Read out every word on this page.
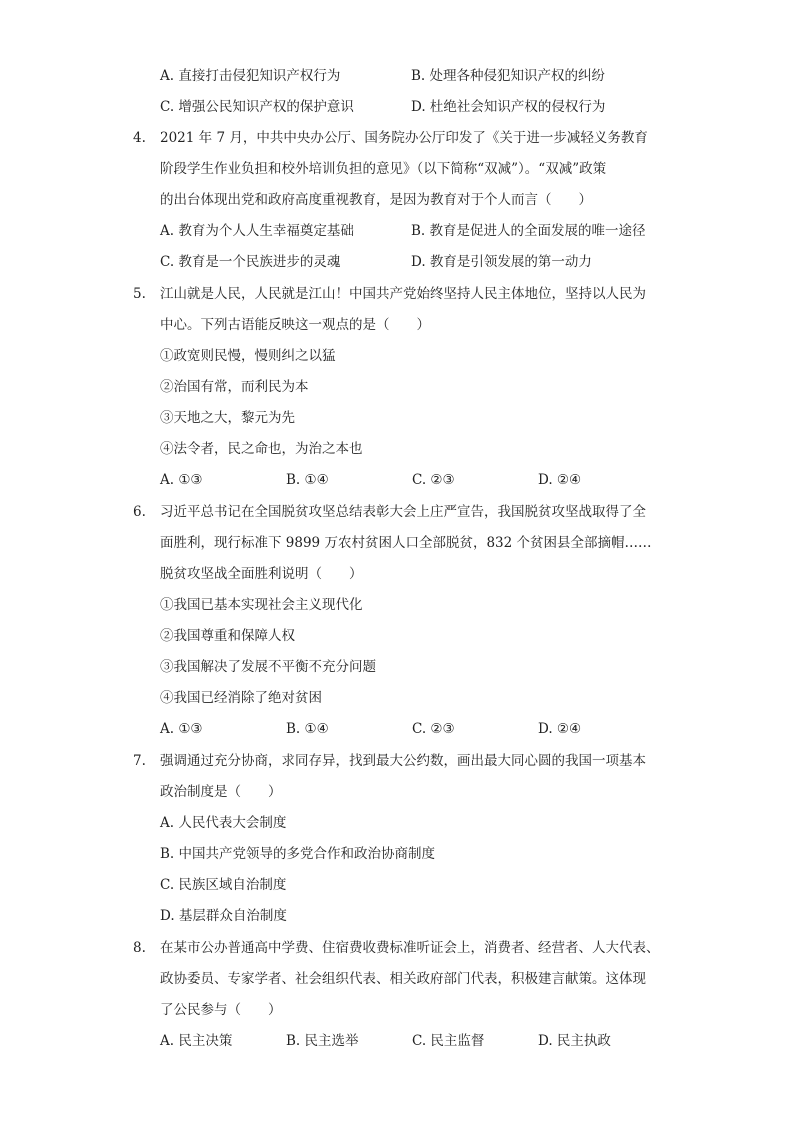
A. 直接打击侵犯知识产权行为	B. 处理各种侵犯知识产权的纠纷
C. 增强公民知识产权的保护意识	D. 杜绝社会知识产权的侵权行为
4.	2021 年 7 月，中共中央办公厅、国务院办公厅印发了《关于进一步减轻义务教育
阶段学生作业负担和校外培训负担的意见》（以下简称“双减”）。“双减”政策
的出台体现出党和政府高度重视教育，是因为教育对于个人而言（　　）
A. 教育为个人人生幸福奠定基础	B. 教育是促进人的全面发展的唯一途径
C. 教育是一个民族进步的灵魂	D. 教育是引领发展的第一动力
5.	江山就是人民，人民就是江山！中国共产党始终坚持人民主体地位，坚持以人民为
中心。下列古语能反映这一观点的是（　　）
①政宽则民慢，慢则纠之以猛
②治国有常，而利民为本
③天地之大，黎元为先
④法令者，民之命也，为治之本也
A. ①③	B. ①④	C. ②③	D. ②④
6.	习近平总书记在全国脱贫攻坚总结表彰大会上庄严宣告，我国脱贫攻坚战取得了全
面胜利，现行标准下 9899 万农村贫困人口全部脱贫，832 个贫困县全部摘帽……
脱贫攻坚战全面胜利说明（　　）
①我国已基本实现社会主义现代化
②我国尊重和保障人权
③我国解决了发展不平衡不充分问题
④我国已经消除了绝对贫困
A. ①③	B. ①④	C. ②③	D. ②④
7.	强调通过充分协商，求同存异，找到最大公约数，画出最大同心圆的我国一项基本
政治制度是（　　）
A. 人民代表大会制度
B. 中国共产党领导的多党合作和政治协商制度
C. 民族区域自治制度
D. 基层群众自治制度
8.	在某市公办普通高中学费、住宿费收费标准听证会上，消费者、经营者、人大代表、
政协委员、专家学者、社会组织代表、相关政府部门代表，积极建言献策。这体现
了公民参与（　　）
A. 民主决策	B. 民主选举	C. 民主监督	D. 民主执政
